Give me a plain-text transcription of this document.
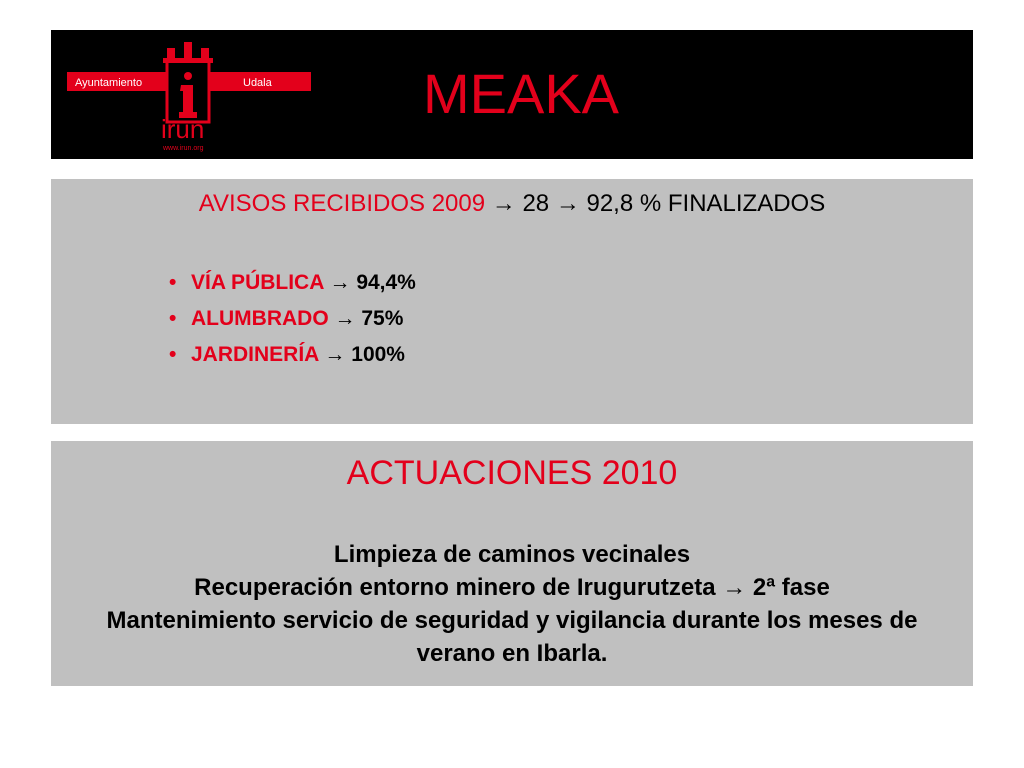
Ayuntamiento	Udala
irun
www.irun.org
MEAKA
AVISOS RECIBIDOS 2009 → 28 → 92,8 % FINALIZADOS
• VÍA PÚBLICA → 94,4%
• ALUMBRADO → 75%
• JARDINERÍA → 100%
ACTUACIONES 2010
Limpieza de caminos vecinales
Recuperación entorno minero de Irugurutzeta → 2ª fase
Mantenimiento servicio de seguridad y vigilancia durante los meses de verano en Ibarla.
